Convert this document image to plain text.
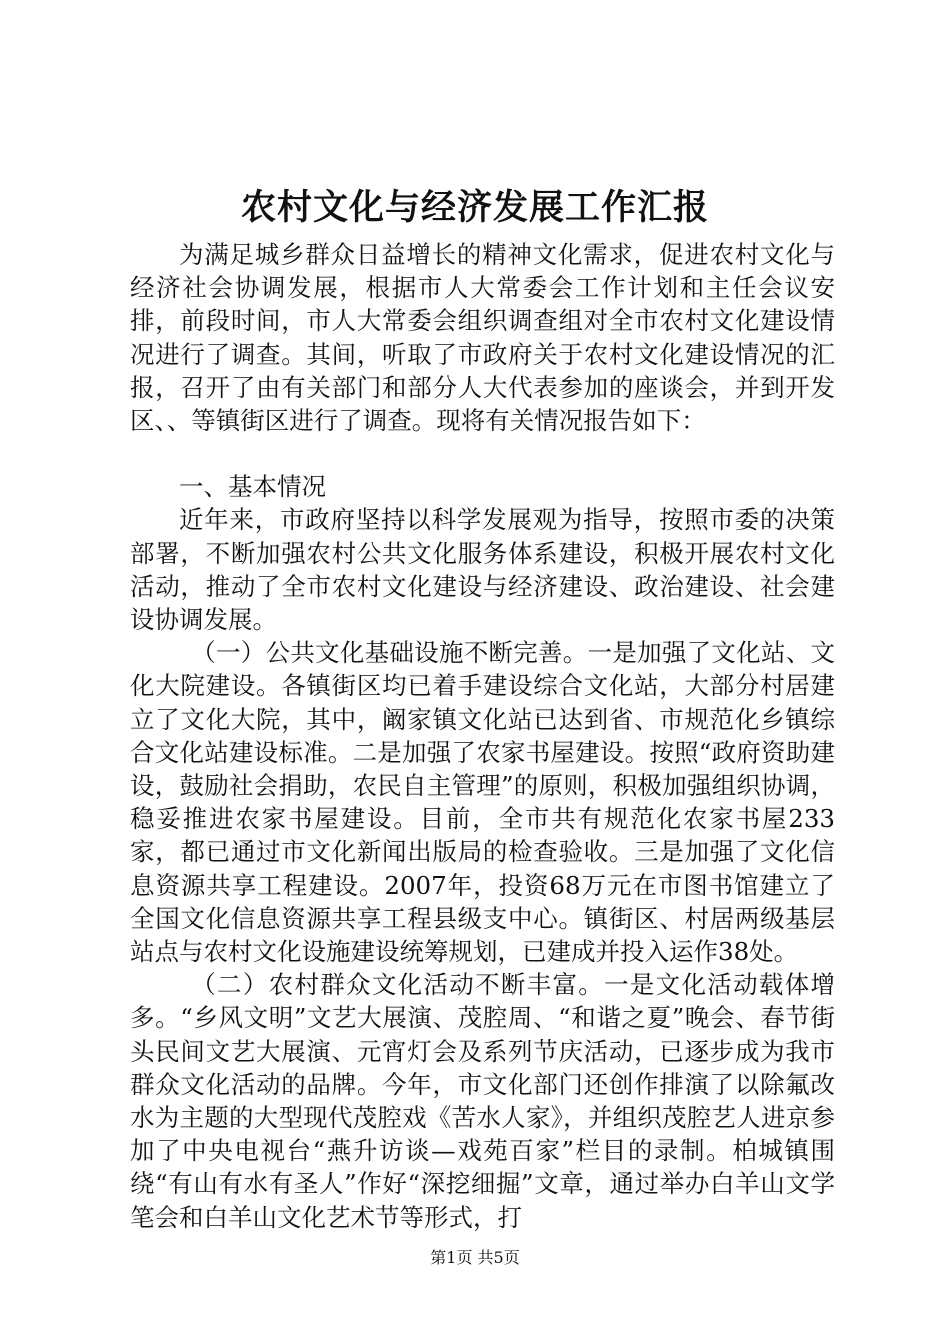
农村文化与经济发展工作汇报

为满足城乡群众日益增长的精神文化需求，促进农村文化与经济社会协调发展，根据市人大常委会工作计划和主任会议安排，前段时间，市人大常委会组织调查组对全市农村文化建设情况进行了调查。其间，听取了市政府关于农村文化建设情况的汇报，召开了由有关部门和部分人大代表参加的座谈会，并到开发区、、等镇街区进行了调查。现将有关情况报告如下：

一、基本情况

近年来，市政府坚持以科学发展观为指导，按照市委的决策部署，不断加强农村公共文化服务体系建设，积极开展农村文化活动，推动了全市农村文化建设与经济建设、政治建设、社会建设协调发展。

（一）公共文化基础设施不断完善。一是加强了文化站、文化大院建设。各镇街区均已着手建设综合文化站，大部分村居建立了文化大院，其中，阚家镇文化站已达到省、市规范化乡镇综合文化站建设标准。二是加强了农家书屋建设。按照“政府资助建设，鼓励社会捐助，农民自主管理”的原则，积极加强组织协调，稳妥推进农家书屋建设。目前，全市共有规范化农家书屋233家，都已通过市文化新闻出版局的检查验收。三是加强了文化信息资源共享工程建设。2007年，投资68万元在市图书馆建立了全国文化信息资源共享工程县级支中心。镇街区、村居两级基层站点与农村文化设施建设统筹规划，已建成并投入运作38处。

（二）农村群众文化活动不断丰富。一是文化活动载体增多。“乡风文明”文艺大展演、茂腔周、“和谐之夏”晚会、春节街头民间文艺大展演、元宵灯会及系列节庆活动，已逐步成为我市群众文化活动的品牌。今年，市文化部门还创作排演了以除氟改水为主题的大型现代茂腔戏《苦水人家》，并组织茂腔艺人进京参加了中央电视台“燕升访谈—戏苑百家”栏目的录制。柏城镇围绕“有山有水有圣人”作好“深挖细掘”文章，通过举办白羊山文学笔会和白羊山文化艺术节等形式，打

第1页 共5页
